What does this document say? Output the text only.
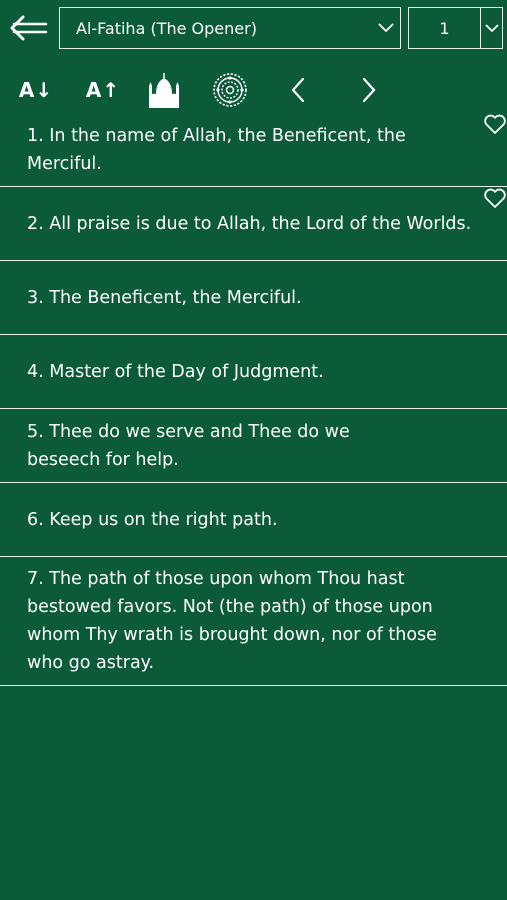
Al-Fatiha (The Opener)	1
A↓ A↑
1. In the name of Allah, the Beneficent, the Merciful.
2. All praise is due to Allah, the Lord of the Worlds.
3. The Beneficent, the Merciful.
4. Master of the Day of Judgment.
5. Thee do we serve and Thee do we beseech for help.
6. Keep us on the right path.
7. The path of those upon whom Thou hast bestowed favors. Not (the path) of those upon whom Thy wrath is brought down, nor of those who go astray.
